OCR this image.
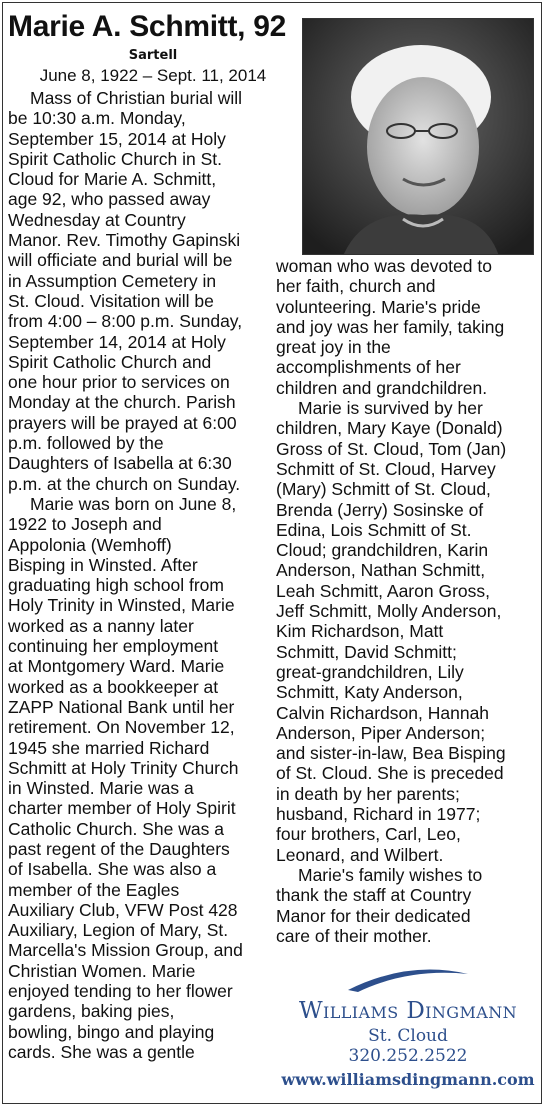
Marie A. Schmitt, 92
Sartell
June 8, 1922 – Sept. 11, 2014

Mass of Christian burial will

be 10:30 a.m. Monday,

September 15, 2014 at Holy

Spirit Catholic Church in St.

Cloud for Marie A. Schmitt,

age 92, who passed away

Wednesday at Country

Manor. Rev. Timothy Gapinski

will officiate and burial will be

in Assumption Cemetery in

St. Cloud. Visitation will be

from 4:00 – 8:00 p.m. Sunday,

September 14, 2014 at Holy

Spirit Catholic Church and

one hour prior to services on

Monday at the church. Parish

prayers will be prayed at 6:00

p.m. followed by the

Daughters of Isabella at 6:30

p.m. at the church on Sunday.

Marie was born on June 8,

1922 to Joseph and

Appolonia (Wemhoff)

Bisping in Winsted. After

graduating high school from

Holy Trinity in Winsted, Marie

worked as a nanny later

continuing her employment

at Montgomery Ward. Marie

worked as a bookkeeper at

ZAPP National Bank until her

retirement. On November 12,

1945 she married Richard

Schmitt at Holy Trinity Church

in Winsted. Marie was a

charter member of Holy Spirit

Catholic Church. She was a

past regent of the Daughters

of Isabella. She was also a

member of the Eagles

Auxiliary Club, VFW Post 428

Auxiliary, Legion of Mary, St.

Marcella's Mission Group, and

Christian Women. Marie

enjoyed tending to her flower

gardens, baking pies,

bowling, bingo and playing

cards. She was a gentle

woman who was devoted to

her faith, church and

volunteering. Marie's pride

and joy was her family, taking

great joy in the

accomplishments of her

children and grandchildren.

Marie is survived by her

children, Mary Kaye (Donald)

Gross of St. Cloud, Tom (Jan)

Schmitt of St. Cloud, Harvey

(Mary) Schmitt of St. Cloud,

Brenda (Jerry) Sosinske of

Edina, Lois Schmitt of St.

Cloud; grandchildren, Karin

Anderson, Nathan Schmitt,

Leah Schmitt, Aaron Gross,

Jeff Schmitt, Molly Anderson,

Kim Richardson, Matt

Schmitt, David Schmitt;

great-grandchildren, Lily

Schmitt, Katy Anderson,

Calvin Richardson, Hannah

Anderson, Piper Anderson;

and sister-in-law, Bea Bisping

of St. Cloud. She is preceded

in death by her parents;

husband, Richard in 1977;

four brothers, Carl, Leo,

Leonard, and Wilbert.

Marie's family wishes to

thank the staff at Country

Manor for their dedicated

care of their mother.

Williams Dingmann
St. Cloud
320.252.2522
www.williamsdingmann.com
